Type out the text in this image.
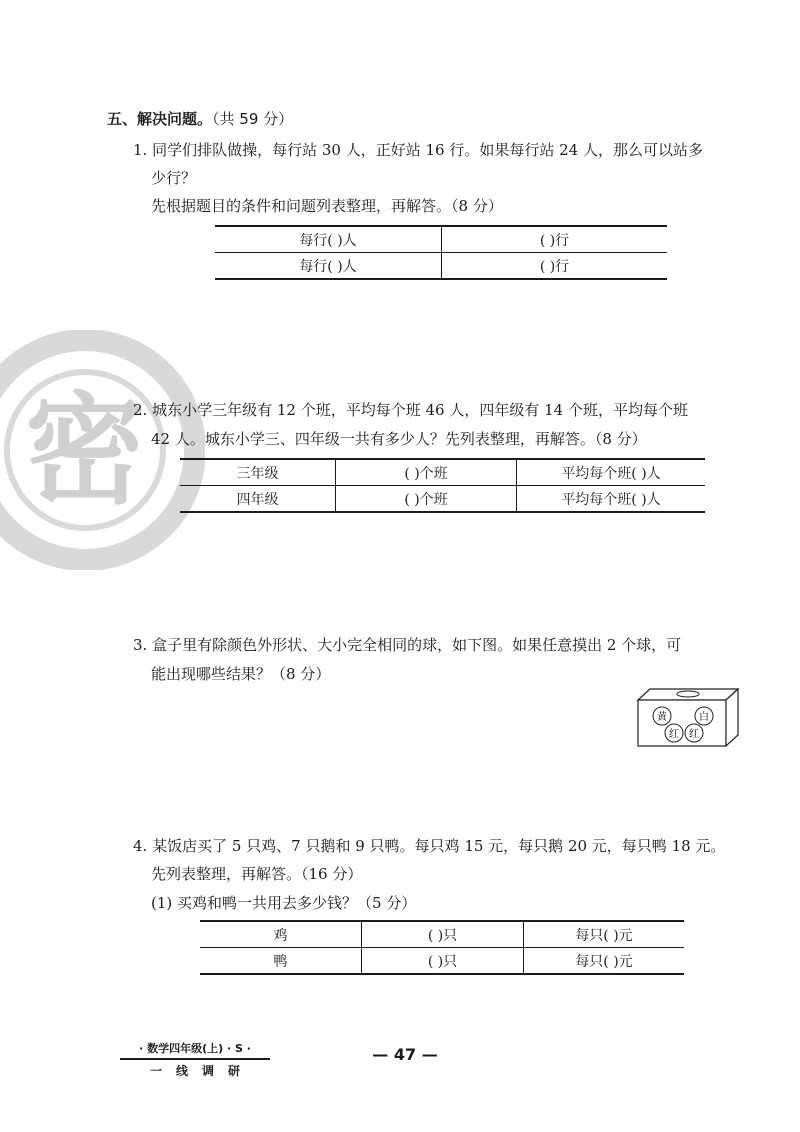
密
五、解决问题。（共 59 分）
1. 同学们排队做操，每行站 30 人，正好站 16 行。如果每行站 24 人，那么可以站多
少行？
先根据题目的条件和问题列表整理，再解答。（8 分）
每行( )人	( )行
每行( )人	( )行
2. 城东小学三年级有 12 个班，平均每个班 46 人，四年级有 14 个班，平均每个班
42 人。城东小学三、四年级一共有多少人？先列表整理，再解答。（8 分）
三年级	( )个班	平均每个班( )人
四年级	( )个班	平均每个班( )人
3. 盒子里有除颜色外形状、大小完全相同的球，如下图。如果任意摸出 2 个球，可
能出现哪些结果？（8 分）
黄	白
红 红
4. 某饭店买了 5 只鸡、7 只鹅和 9 只鸭。每只鸡 15 元，每只鹅 20 元，每只鸭 18 元。
先列表整理，再解答。（16 分）
(1) 买鸡和鸭一共用去多少钱？（5 分）
鸡	( )只	每只( )元
鸭	( )只	每只( )元
· 数学四年级(上) · S ·
一线调研
— 47 —
